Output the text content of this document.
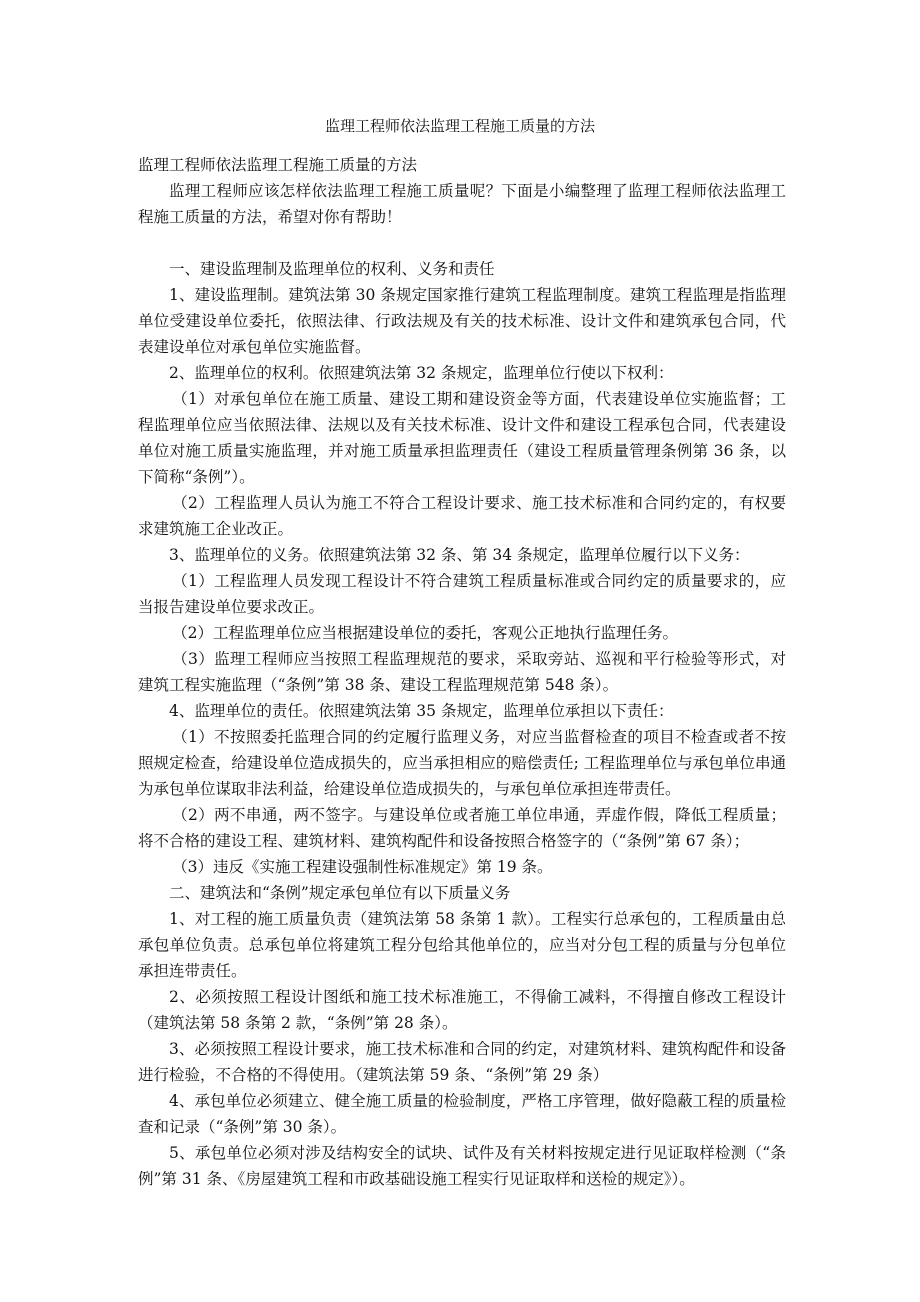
监理工程师依法监理工程施工质量的方法

监理工程师依法监理工程施工质量的方法

监理工程师应该怎样依法监理工程施工质量呢？下面是小编整理了监理工程师依法监理工程施工质量的方法，希望对你有帮助！

一、建设监理制及监理单位的权利、义务和责任

1、建设监理制。建筑法第 30 条规定国家推行建筑工程监理制度。建筑工程监理是指监理单位受建设单位委托，依照法律、行政法规及有关的技术标准、设计文件和建筑承包合同，代表建设单位对承包单位实施监督。

2、监理单位的权利。依照建筑法第 32 条规定，监理单位行使以下权利：

（1）对承包单位在施工质量、建设工期和建设资金等方面，代表建设单位实施监督；工程监理单位应当依照法律、法规以及有关技术标准、设计文件和建设工程承包合同，代表建设单位对施工质量实施监理，并对施工质量承担监理责任（建设工程质量管理条例第 36 条，以下简称“条例”）。

（2）工程监理人员认为施工不符合工程设计要求、施工技术标准和合同约定的，有权要求建筑施工企业改正。

3、监理单位的义务。依照建筑法第 32 条、第 34 条规定，监理单位履行以下义务：

（1）工程监理人员发现工程设计不符合建筑工程质量标准或合同约定的质量要求的，应当报告建设单位要求改正。

（2）工程监理单位应当根据建设单位的委托，客观公正地执行监理任务。

（3）监理工程师应当按照工程监理规范的要求，采取旁站、巡视和平行检验等形式，对建筑工程实施监理（“条例”第 38 条、建设工程监理规范第 548 条）。

4、监理单位的责任。依照建筑法第 35 条规定，监理单位承担以下责任：

（1）不按照委托监理合同的约定履行监理义务，对应当监督检查的项目不检查或者不按照规定检查，给建设单位造成损失的，应当承担相应的赔偿责任; 工程监理单位与承包单位串通为承包单位谋取非法利益，给建设单位造成损失的，与承包单位承担连带责任。

（2）两不串通，两不签字。与建设单位或者施工单位串通，弄虚作假，降低工程质量；将不合格的建设工程、建筑材料、建筑构配件和设备按照合格签字的（“条例”第 67 条）；

（3）违反《实施工程建设强制性标准规定》第 19 条。

二、建筑法和“条例”规定承包单位有以下质量义务

1、对工程的施工质量负责（建筑法第 58 条第 1 款）。工程实行总承包的，工程质量由总承包单位负责。总承包单位将建筑工程分包给其他单位的，应当对分包工程的质量与分包单位承担连带责任。

2、必须按照工程设计图纸和施工技术标准施工，不得偷工减料，不得擅自修改工程设计（建筑法第 58 条第 2 款，“条例”第 28 条）。

3、必须按照工程设计要求，施工技术标准和合同的约定，对建筑材料、建筑构配件和设备进行检验，不合格的不得使用。（建筑法第 59 条、“条例”第 29 条）

4、承包单位必须建立、健全施工质量的检验制度，严格工序管理，做好隐蔽工程的质量检查和记录（“条例”第 30 条）。

5、承包单位必须对涉及结构安全的试块、试件及有关材料按规定进行见证取样检测（“条例”第 31 条、《房屋建筑工程和市政基础设施工程实行见证取样和送检的规定》）。
